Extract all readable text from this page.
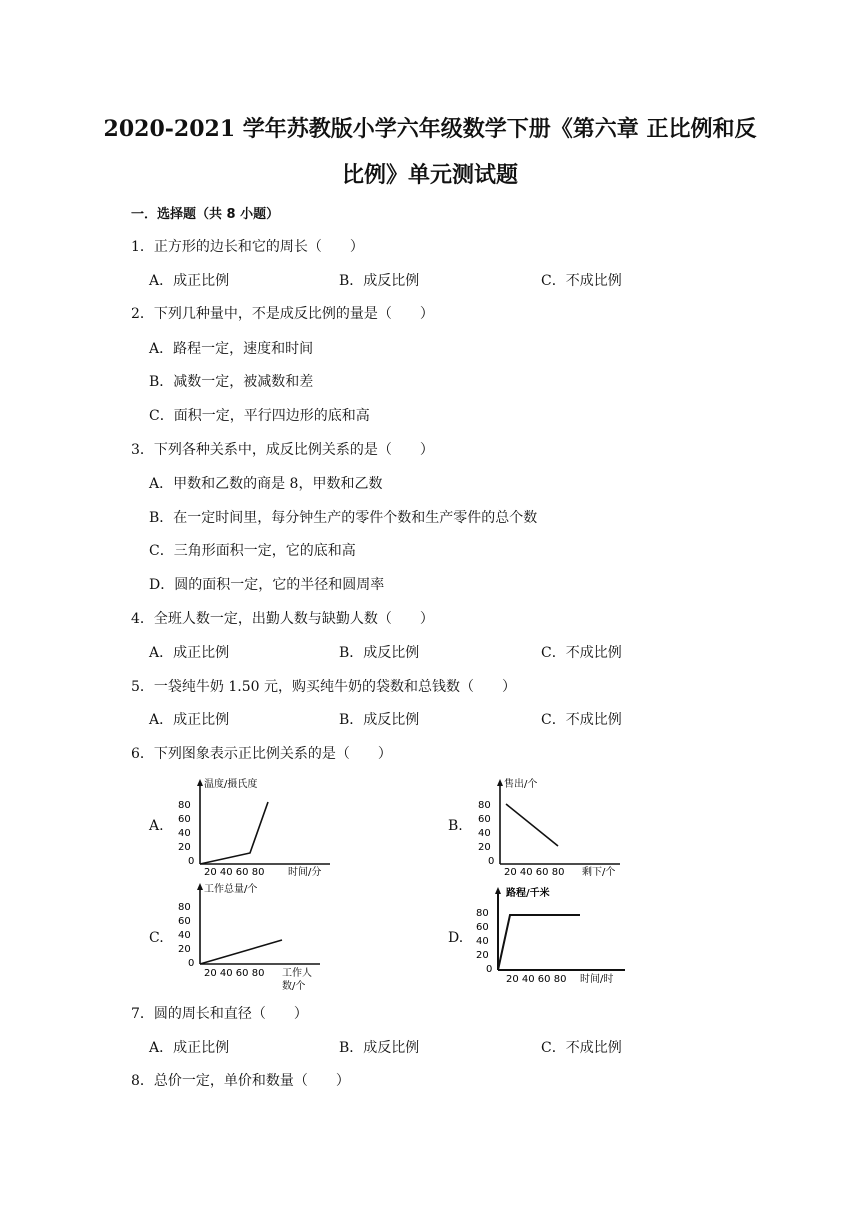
2020-2021 学年苏教版小学六年级数学下册《第六章 正比例和反
比例》单元测试题
一．选择题（共 8 小题）
1．正方形的边长和它的周长（　　）
A．成正比例	B．成反比例	C．不成比例
2．下列几种量中，不是成反比例的量是（　　）
A．路程一定，速度和时间
B．减数一定，被减数和差
C．面积一定，平行四边形的底和高
3．下列各种关系中，成反比例关系的是（　　）
A．甲数和乙数的商是 8，甲数和乙数
B．在一定时间里，每分钟生产的零件个数和生产零件的总个数
C．三角形面积一定，它的底和高
D．圆的面积一定，它的半径和圆周率
4．全班人数一定，出勤人数与缺勤人数（　　）
A．成正比例	B．成反比例	C．不成比例
5．一袋纯牛奶 1.50 元，购买纯牛奶的袋数和总钱数（　　）
A．成正比例	B．成反比例	C．不成比例
6．下列图象表示正比例关系的是（　　）
A.	B.
C.	D.
温度/摄氏度
80
60
40
20
0
20 40 60 80 时间/分
售出/个
80
60
40
20
0
20 40 60 80 剩下/个
工作总量/个
80
60
40
20
0
20 40 60 80 工作人
数/个
路程/千米
80
60
40
20
0
20 40 60 80 时间/时
7．圆的周长和直径（　　）
A．成正比例	B．成反比例	C．不成比例
8．总价一定，单价和数量（　　）
